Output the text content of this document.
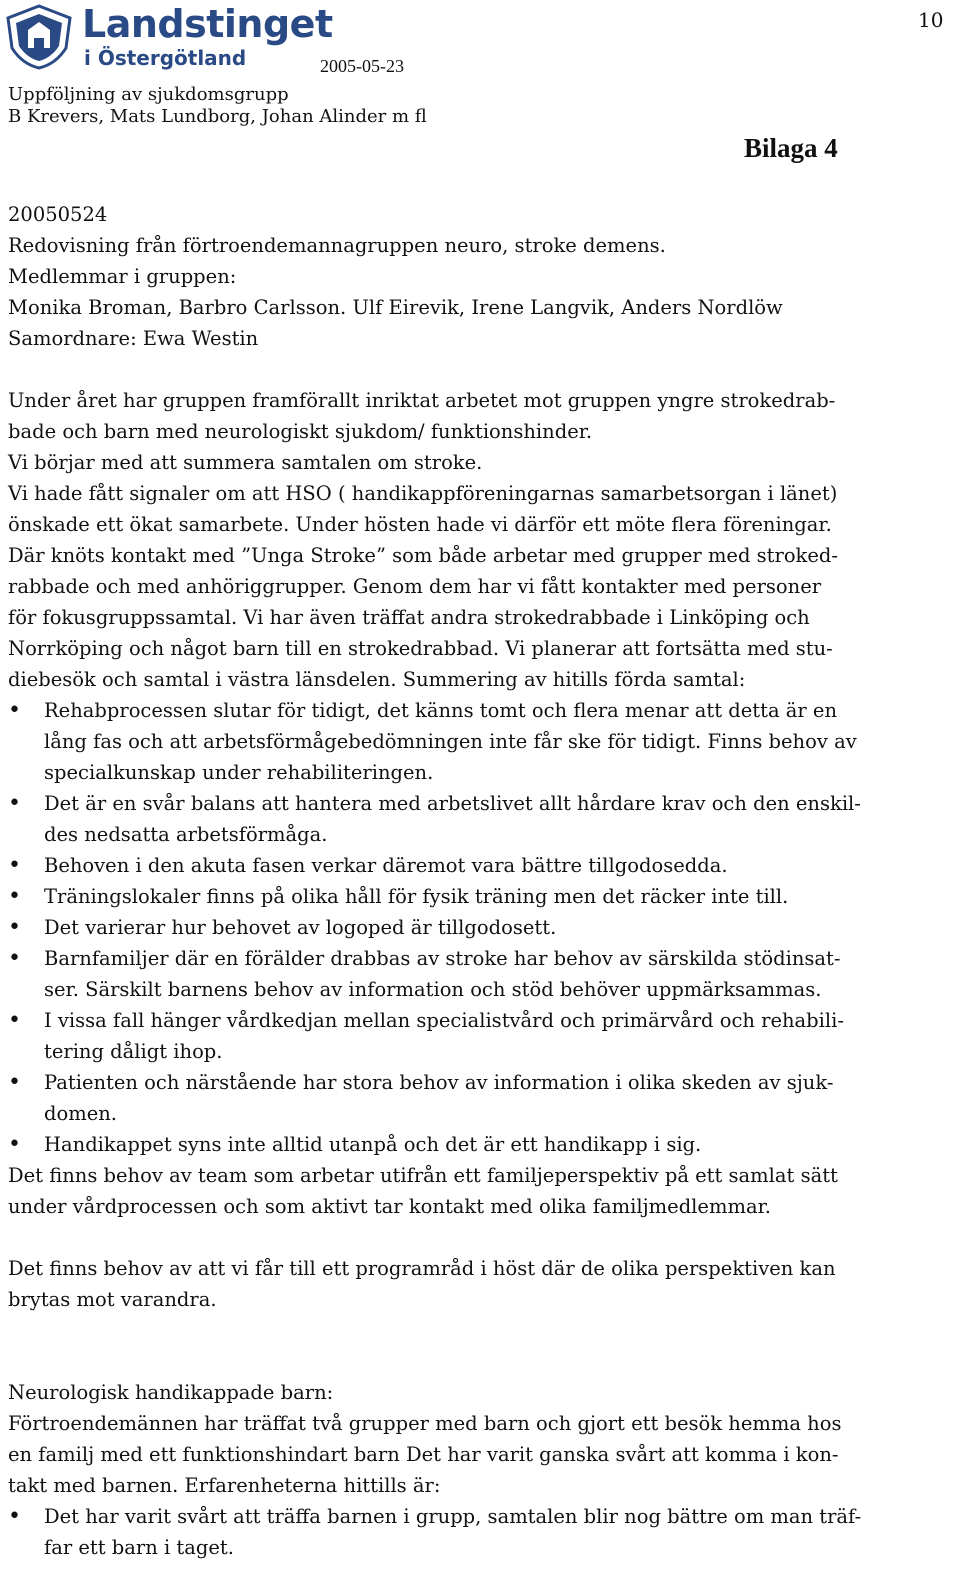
Landstinget
i Östergötland
10
2005-05-23
Uppföljning av sjukdomsgrupp
B Krevers, Mats Lundborg, Johan Alinder m fl
Bilaga 4
20050524
Redovisning från förtroendemannagruppen neuro, stroke demens.
Medlemmar i gruppen:
Monika Broman, Barbro Carlsson. Ulf Eirevik, Irene Langvik, Anders Nordlöw
Samordnare: Ewa Westin
Under året har gruppen framförallt inriktat arbetet mot gruppen yngre strokedrab-
bade och barn med neurologiskt sjukdom/ funktionshinder.
Vi börjar med att summera samtalen om stroke.
Vi hade fått signaler om att HSO ( handikappföreningarnas samarbetsorgan i länet)
önskade ett ökat samarbete. Under hösten hade vi därför ett möte flera föreningar.
Där knöts kontakt med ”Unga Stroke” som både arbetar med grupper med stroked-
rabbade och med anhöriggrupper. Genom dem har vi fått kontakter med personer
för fokusgruppssamtal. Vi har även träffat andra strokedrabbade i Linköping och
Norrköping och något barn till en strokedrabbad. Vi planerar att fortsätta med stu-
diebesök och samtal i västra länsdelen. Summering av hitills förda samtal:
• Rehabprocessen slutar för tidigt, det känns tomt och flera menar att detta är en
lång fas och att arbetsförmågebedömningen inte får ske för tidigt. Finns behov av
specialkunskap under rehabiliteringen.
• Det är en svår balans att hantera med arbetslivet allt hårdare krav och den enskil-
des nedsatta arbetsförmåga.
• Behoven i den akuta fasen verkar däremot vara bättre tillgodosedda.
• Träningslokaler finns på olika håll för fysik träning men det räcker inte till.
• Det varierar hur behovet av logoped är tillgodosett.
• Barnfamiljer där en förälder drabbas av stroke har behov av särskilda stödinsat-
ser. Särskilt barnens behov av information och stöd behöver uppmärksammas.
• I vissa fall hänger vårdkedjan mellan specialistvård och primärvård och rehabili-
tering dåligt ihop.
• Patienten och närstående har stora behov av information i olika skeden av sjuk-
domen.
• Handikappet syns inte alltid utanpå och det är ett handikapp i sig.
Det finns behov av team som arbetar utifrån ett familjeperspektiv på ett samlat sätt
under vårdprocessen och som aktivt tar kontakt med olika familjmedlemmar.
Det finns behov av att vi får till ett programråd i höst där de olika perspektiven kan
brytas mot varandra.
Neurologisk handikappade barn:
Förtroendemännen har träffat två grupper med barn och gjort ett besök hemma hos
en familj med ett funktionshindart barn Det har varit ganska svårt att komma i kon-
takt med barnen. Erfarenheterna hittills är:
• Det har varit svårt att träffa barnen i grupp, samtalen blir nog bättre om man träf-
far ett barn i taget.
